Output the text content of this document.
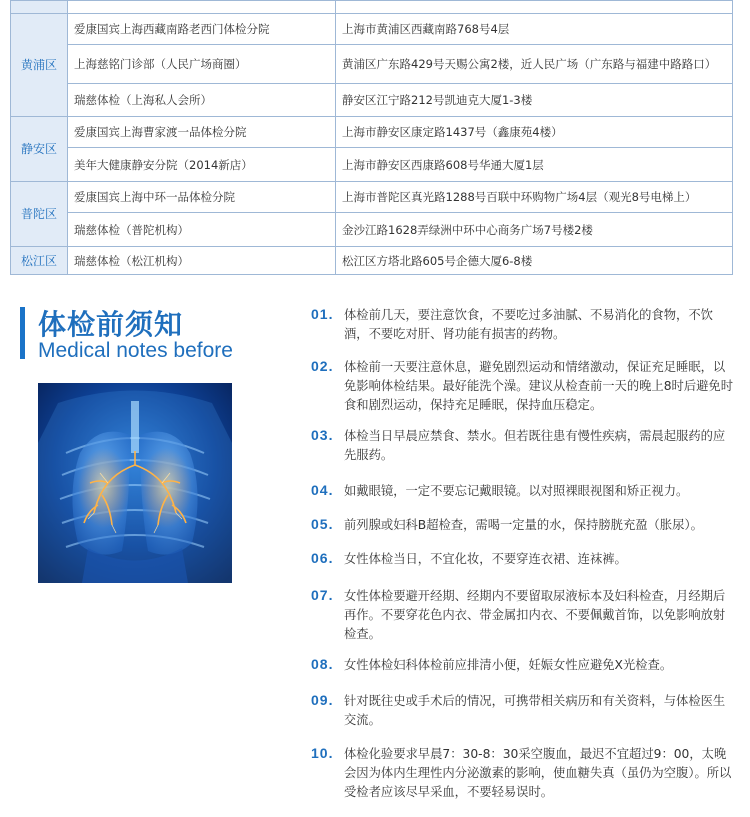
黄浦区	爱康国宾上海西藏南路老西门体检分院	上海市黄浦区西藏南路768号4层
	上海慈铭门诊部（人民广场商圈）	黄浦区广东路429号天赐公寓2楼，近人民广场（广东路与福建中路路口）
	瑞慈体检（上海私人会所）	静安区江宁路212号凯迪克大厦1-3楼
静安区	爱康国宾上海曹家渡一品体检分院	上海市静安区康定路1437号（鑫康苑4楼）
	美年大健康静安分院（2014新店）	上海市静安区西康路608号华通大厦1层
普陀区	爱康国宾上海中环一品体检分院	上海市普陀区真光路1288号百联中环购物广场4层（观光8号电梯上）
	瑞慈体检（普陀机构）	金沙江路1628弄绿洲中环中心商务广场7号楼2楼
松江区	瑞慈体检（松江机构）	松江区方塔北路605号企德大厦6-8楼
体检前须知
Medical notes before
01. 体检前几天，要注意饮食，不要吃过多油腻、不易消化的食物，不饮酒，不要吃对肝、肾功能有损害的药物。
02. 体检前一天要注意休息，避免剧烈运动和情绪激动，保证充足睡眠，以免影响体检结果。最好能洗个澡。建议从检查前一天的晚上8时后避免时食和剧烈运动，保持充足睡眠，保持血压稳定。
03. 体检当日早晨应禁食、禁水。但若既往患有慢性疾病，需晨起服药的应先服药。
04. 如戴眼镜，一定不要忘记戴眼镜。以对照裸眼视图和矫正视力。
05. 前列腺或妇科B超检查，需喝一定量的水，保持膀胱充盈（胀尿）。
06. 女性体检当日，不宜化妆，不要穿连衣裙、连袜裤。
07. 女性体检要避开经期、经期内不要留取尿液标本及妇科检查，月经期后再作。不要穿花色内衣、带金属扣内衣、不要佩戴首饰，以免影响放射检查。
08. 女性体检妇科体检前应排清小便，妊娠女性应避免X光检查。
09. 针对既往史或手术后的情况，可携带相关病历和有关资料，与体检医生交流。
10. 体检化验要求早晨7：30-8：30采空腹血，最迟不宜超过9：00，太晚会因为体内生理性内分泌激素的影响，使血糖失真（虽仍为空腹）。所以受检者应该尽早采血，不要轻易误时。
